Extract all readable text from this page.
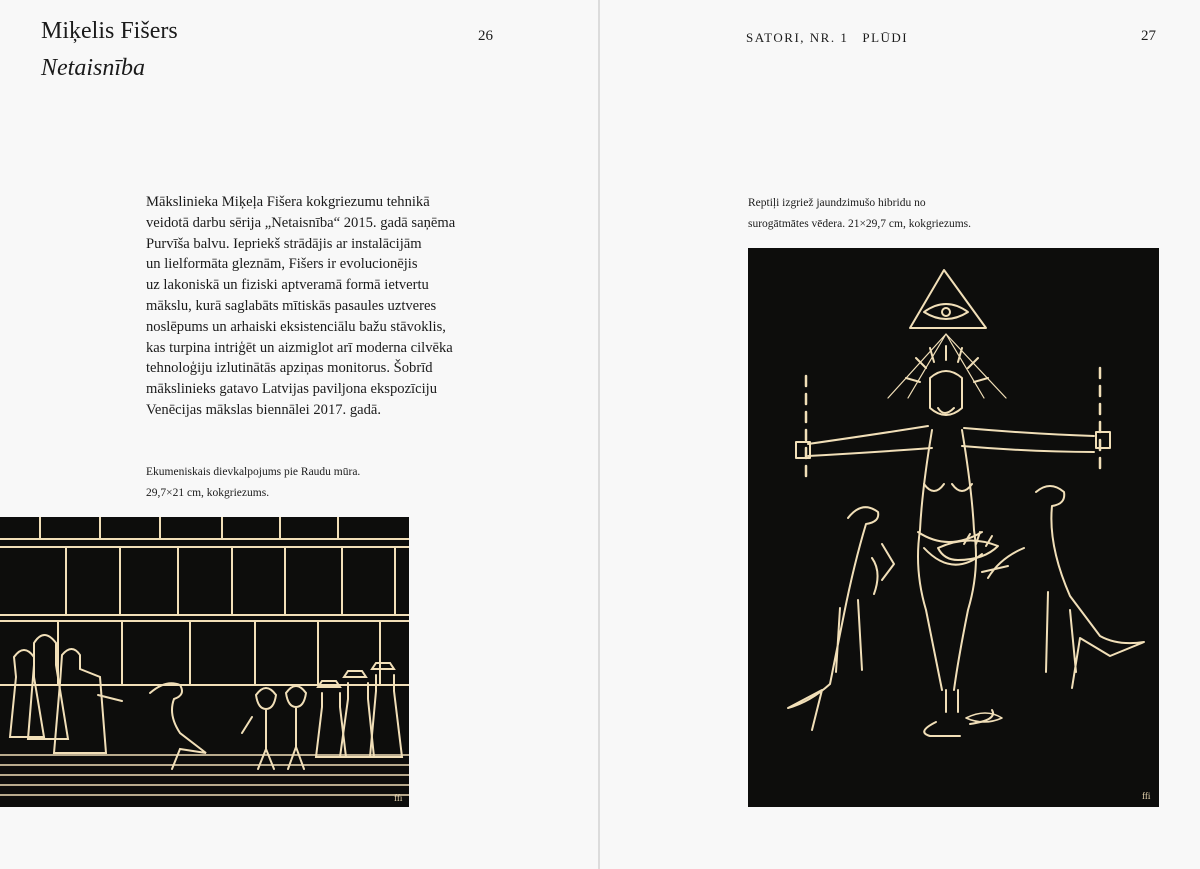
Miķelis Fišers
Netaisnība
26
Mākslinieka Miķeļa Fišera kokgriezumu tehnikā
veidotā darbu sērija „Netaisnība“ 2015. gadā saņēma
Purvīša balvu. Iepriekš strādājis ar instalācijām
un lielformāta gleznām, Fišers ir evolucionējis
uz lakoniskā un fiziski aptveramā formā ietvertu
mākslu, kurā saglabāts mītiskās pasaules uztveres
noslēpums un arhaiski eksistenciālu bažu stāvoklis,
kas turpina intriģēt un aizmiglot arī moderna cilvēka
tehnoloģiju izlutinātās apziņas monitorus. Šobrīd
mākslinieks gatavo Latvijas paviljona ekspozīciju
Venēcijas mākslas biennālei 2017. gadā.
Ekumeniskais dievkalpojums pie Raudu mūra.
29,7×21 cm, kokgriezums.
ffi
SATORI, NR. 1 PLŪDI	27
Reptiļi izgriež jaundzimušo hibridu no
surogātmātes vēdera. 21×29,7 cm, kokgriezums.
ffi
